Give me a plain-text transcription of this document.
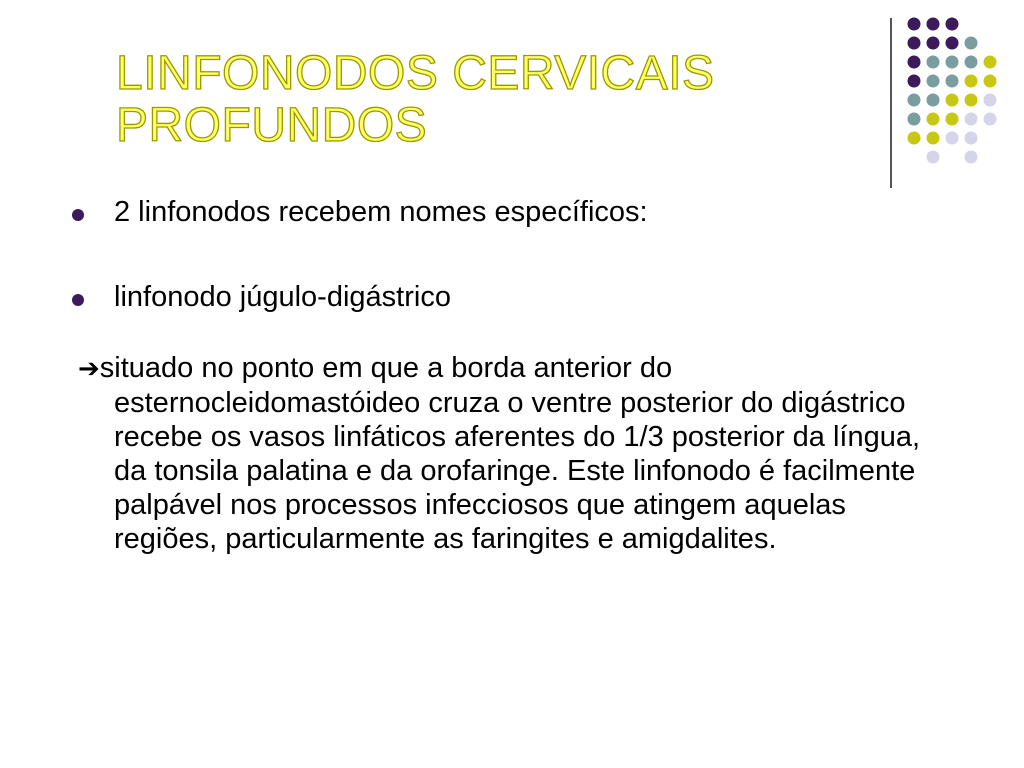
LINFONODOS CERVICAIS
PROFUNDOS
2 linfonodos recebem nomes específicos:
linfonodo júgulo-digástrico
➔situado no ponto em que a borda anterior do esternocleidomastóideo cruza o ventre posterior do digástrico recebe os vasos linfáticos aferentes do 1/3 posterior da língua, da tonsila palatina e da orofaringe. Este linfonodo é facilmente palpável nos processos infecciosos que atingem aquelas regiões, particularmente as faringites e amigdalites.
